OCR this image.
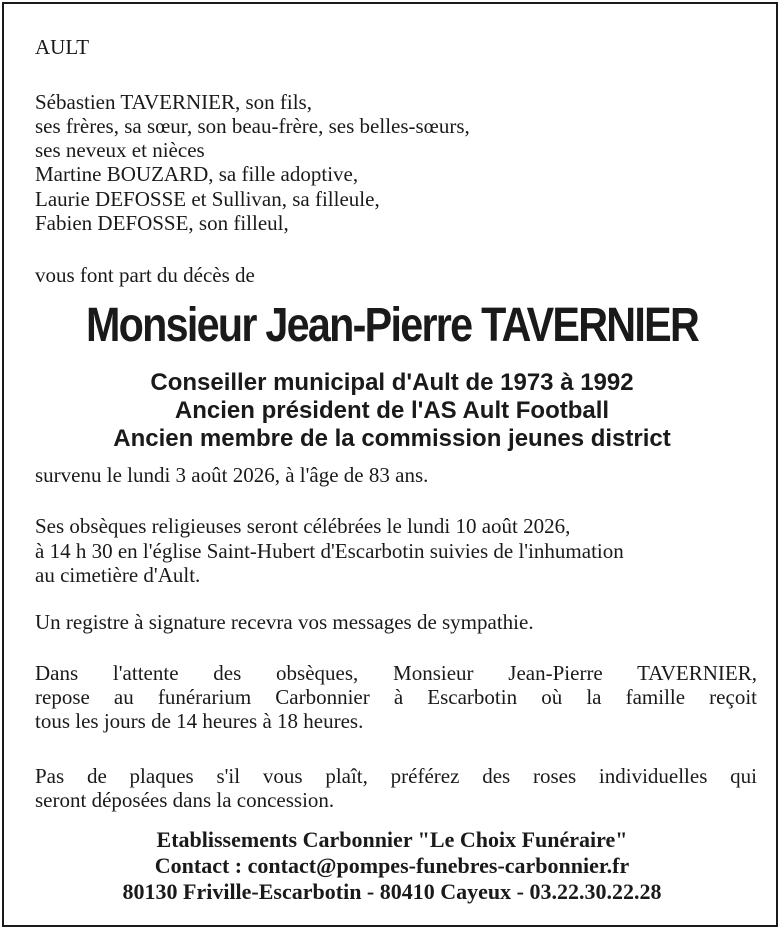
AULT
Sébastien TAVERNIER, son fils,
ses frères, sa sœur, son beau-frère, ses belles-sœurs,
ses neveux et nièces
Martine BOUZARD, sa fille adoptive,
Laurie DEFOSSE et Sullivan, sa filleule,
Fabien DEFOSSE, son filleul,
vous font part du décès de
Monsieur Jean-Pierre TAVERNIER
Conseiller municipal d'Ault de 1973 à 1992
Ancien président de l'AS Ault Football
Ancien membre de la commission jeunes district
survenu le lundi 3 août 2026, à l'âge de 83 ans.
Ses obsèques religieuses seront célébrées le lundi 10 août 2026,
à 14 h 30 en l'église Saint-Hubert d'Escarbotin suivies de l'inhumation
au cimetière d'Ault.
Un registre à signature recevra vos messages de sympathie.
Dans l'attente des obsèques, Monsieur Jean-Pierre TAVERNIER,
repose au funérarium Carbonnier à Escarbotin où la famille reçoit
tous les jours de 14 heures à 18 heures.
Pas de plaques s'il vous plaît, préférez des roses individuelles qui
seront déposées dans la concession.
Etablissements Carbonnier "Le Choix Funéraire"
Contact : contact@pompes-funebres-carbonnier.fr
80130 Friville-Escarbotin - 80410 Cayeux - 03.22.30.22.28
